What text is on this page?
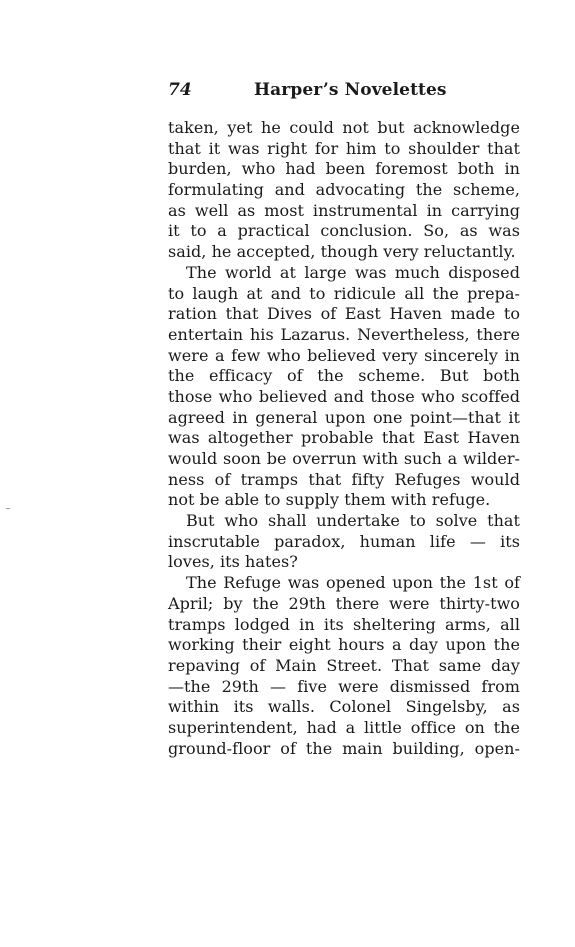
74	Harper’s Novelettes
taken, yet he could not but acknowledge
that it was right for him to shoulder that
burden, who had been foremost both in
formulating and advocating the scheme,
as well as most instrumental in carrying
it to a practical conclusion. So, as was
said, he accepted, though very reluctantly.
The world at large was much disposed
to laugh at and to ridicule all the prepa-
ration that Dives of East Haven made to
entertain his Lazarus. Nevertheless, there
were a few who believed very sincerely in
the efficacy of the scheme. But both
those who believed and those who scoffed
agreed in general upon one point—that it
was altogether probable that East Haven
would soon be overrun with such a wilder-
ness of tramps that fifty Refuges would
not be able to supply them with refuge.
But who shall undertake to solve that
inscrutable paradox, human life — its
loves, its hates?
The Refuge was opened upon the 1st of
April; by the 29th there were thirty-two
tramps lodged in its sheltering arms, all
working their eight hours a day upon the
repaving of Main Street. That same day
—the 29th — five were dismissed from
within its walls. Colonel Singelsby, as
superintendent, had a little office on the
ground-floor of the main building, open-
